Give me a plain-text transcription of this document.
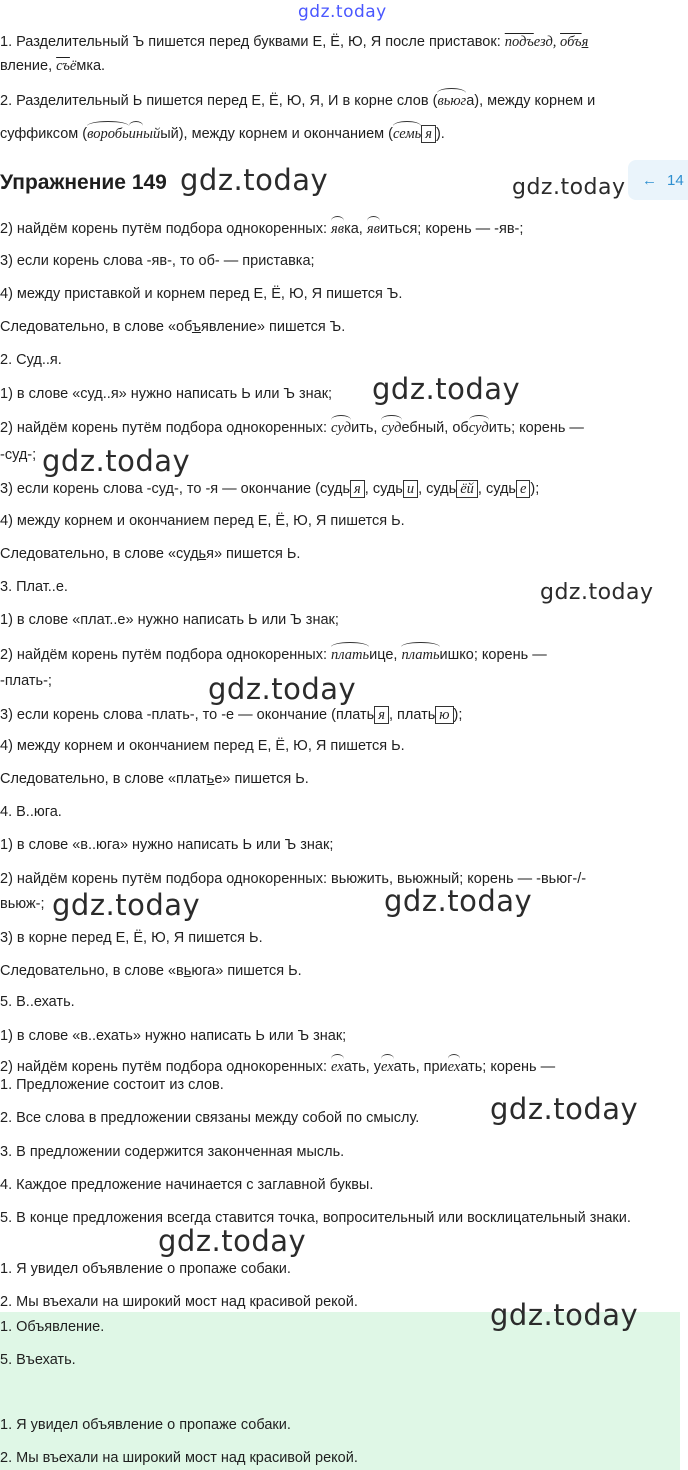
gdz.today
1. Разделительный Ъ пишется перед буквами Е, Ё, Ю, Я после приставок: подъезд, объя
вление, съёмка.
2. Разделительный Ь пишется перед Е, Ё, Ю, Я, И в корне слов (вьюга), между корнем и
суффиксом (воробьиныйый), между корнем и окончанием (семь я ).
Упражнение 149 gdz.today	gdz.today ← 14
2) найдём корень путём подбора однокоренных: явка, явиться; корень — -яв-;
3) если корень слова -яв-, то об- — приставка;
4) между приставкой и корнем перед Е, Ё, Ю, Я пишется Ъ.
Следовательно, в слове «объявление» пишется Ъ.
2. Суд..я.
1) в слове «суд..я» нужно написать Ь или Ъ знак;	gdz.today
2) найдём корень путём подбора однокоренных: судить, судебный, обсудить; корень —
-суд-; gdz.today
3) если корень слова -суд-, то -я — окончание (судь я , судь и , судь ёй , судь е );
4) между корнем и окончанием перед Е, Ё, Ю, Я пишется Ь.
Следовательно, в слове «судья» пишется Ь.
3. Плат..е.	gdz.today
1) в слове «плат..е» нужно написать Ь или Ъ знак;
2) найдём корень путём подбора однокоренных: платьице, платьишко; корень —
-плать-;	gdz.today
3) если корень слова -плать-, то -е — окончание (плать я , плать ю );
4) между корнем и окончанием перед Е, Ё, Ю, Я пишется Ь.
Следовательно, в слове «платье» пишется Ь.
4. В..юга.
1) в слове «в..юга» нужно написать Ь или Ъ знак;
2) найдём корень путём подбора однокоренных: вьюжить, вьюжный; корень — -вьюг-/-
вьюж-; gdz.today	gdz.today
3) в корне перед Е, Ё, Ю, Я пишется Ь.
Следовательно, в слове «вьюга» пишется Ь.
5. В..ехать.
1) в слове «в..ехать» нужно написать Ь или Ъ знак;
2) найдём корень путём подбора однокоренных: ехать, уехать, приехать; корень —
1. Предложение состоит из слов.
2. Все слова в предложении связаны между собой по смыслу.	gdz.today
3. В предложении содержится законченная мысль.
4. Каждое предложение начинается с заглавной буквы.
5. В конце предложения всегда ставится точка, вопросительный или восклицательный знаки.
gdz.today
1. Я увидел объявление о пропаже собаки.
2. Мы въехали на широкий мост над красивой рекой.
1. Объявление.	gdz.today
5. Въехать.
1. Я увидел объявление о пропаже собаки.
2. Мы въехали на широкий мост над красивой рекой.
